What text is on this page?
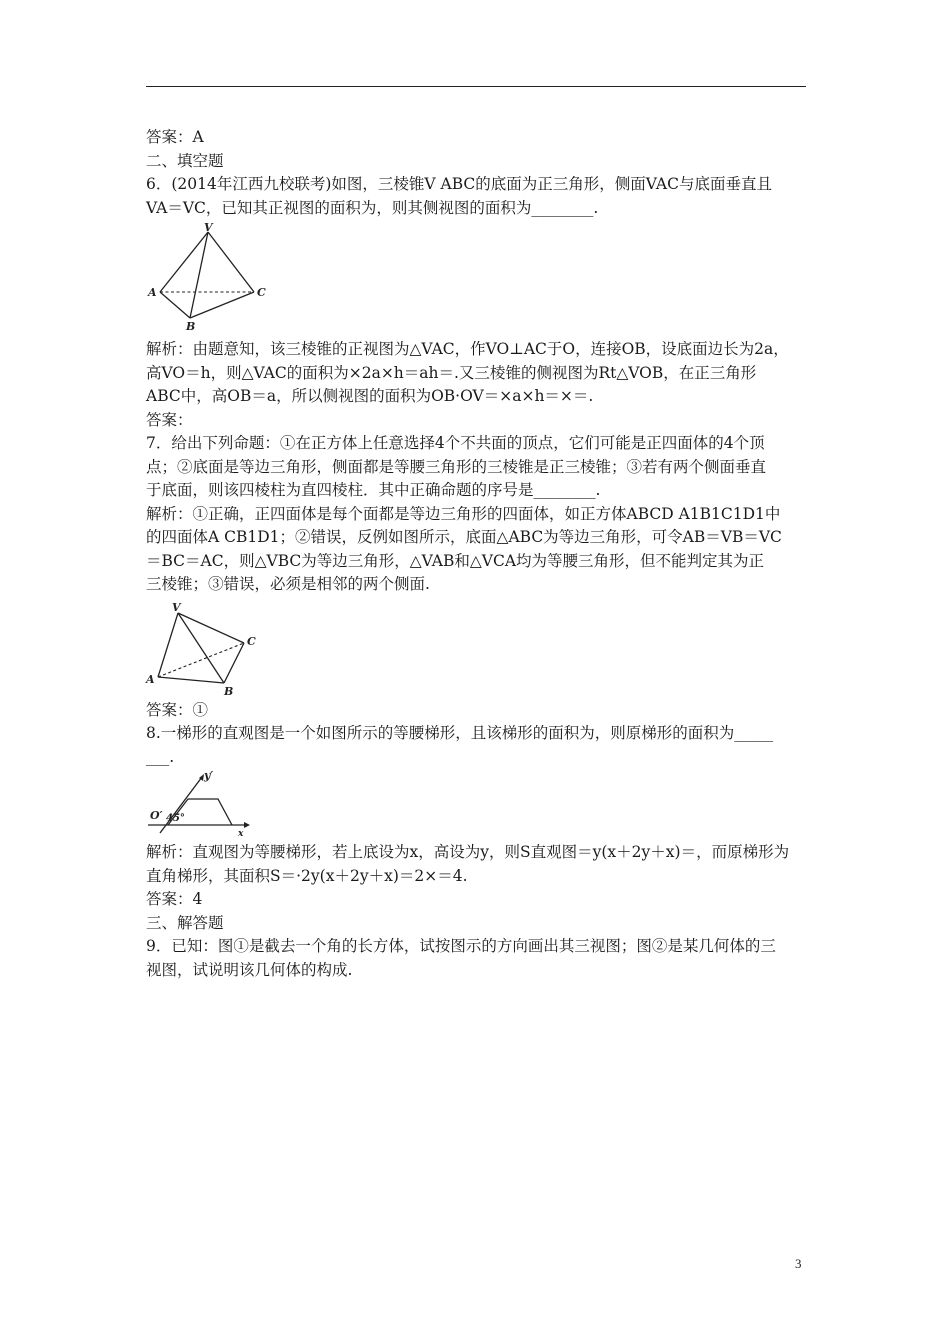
答案：A
二、填空题
6．(2014年江西九校联考)如图，三棱锥V ABC的底面为正三角形，侧面VAC与底面垂直且
VA＝VC，已知其正视图的面积为，则其侧视图的面积为________.
V
A
B
C
解析：由题意知，该三棱锥的正视图为△VAC，作VO⊥AC于O，连接OB，设底面边长为2a，
高VO＝h，则△VAC的面积为×2a×h＝ah＝.又三棱锥的侧视图为Rt△VOB，在正三角形
ABC中，高OB＝a，所以侧视图的面积为OB·OV＝×a×h＝×＝.
答案：
7．给出下列命题：①在正方体上任意选择4个不共面的顶点，它们可能是正四面体的4个顶
点；②底面是等边三角形，侧面都是等腰三角形的三棱锥是正三棱锥；③若有两个侧面垂直
于底面，则该四棱柱为直四棱柱．其中正确命题的序号是________.
解析：①正确，正四面体是每个面都是等边三角形的四面体，如正方体ABCD A1B1C1D1中
的四面体A CB1D1；②错误，反例如图所示，底面△ABC为等边三角形，可令AB＝VB＝VC
＝BC＝AC，则△VBC为等边三角形，△VAB和△VCA均为等腰三角形，但不能判定其为正
三棱锥；③错误，必须是相邻的两个侧面.
V
A
B
C
答案：①
8.一梯形的直观图是一个如图所示的等腰梯形，且该梯形的面积为，则原梯形的面积为_____
___.
y′
O′ 45°
x
解析：直观图为等腰梯形，若上底设为x，高设为y，则S直观图＝y(x＋2y＋x)＝，而原梯形为
直角梯形，其面积S＝·2y(x＋2y＋x)＝2×＝4.
答案：4
三、解答题
9．已知：图①是截去一个角的长方体，试按图示的方向画出其三视图；图②是某几何体的三
视图，试说明该几何体的构成.
3
